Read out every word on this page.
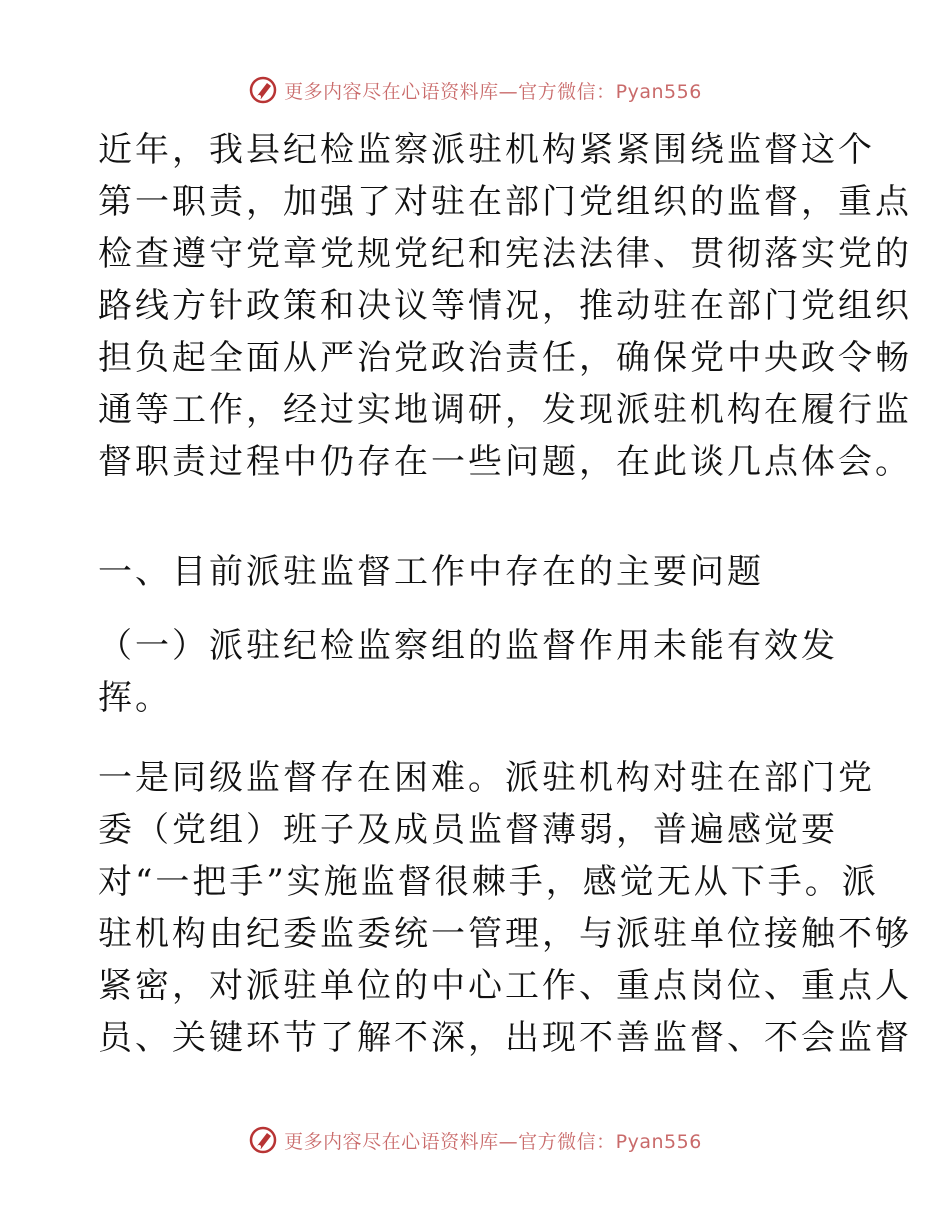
更多内容尽在心语资料库—官方微信：Pyan556
近年，我县纪检监察派驻机构紧紧围绕监督这个
第一职责，加强了对驻在部门党组织的监督，重点
检查遵守党章党规党纪和宪法法律、贯彻落实党的
路线方针政策和决议等情况，推动驻在部门党组织
担负起全面从严治党政治责任，确保党中央政令畅
通等工作，经过实地调研，发现派驻机构在履行监
督职责过程中仍存在一些问题，在此谈几点体会。
一、目前派驻监督工作中存在的主要问题
（一）派驻纪检监察组的监督作用未能有效发
挥。
一是同级监督存在困难。派驻机构对驻在部门党
委（党组）班子及成员监督薄弱，普遍感觉要
对“一把手”实施监督很棘手，感觉无从下手。派
驻机构由纪委监委统一管理，与派驻单位接触不够
紧密，对派驻单位的中心工作、重点岗位、重点人
员、关键环节了解不深，出现不善监督、不会监督
更多内容尽在心语资料库—官方微信：Pyan556
